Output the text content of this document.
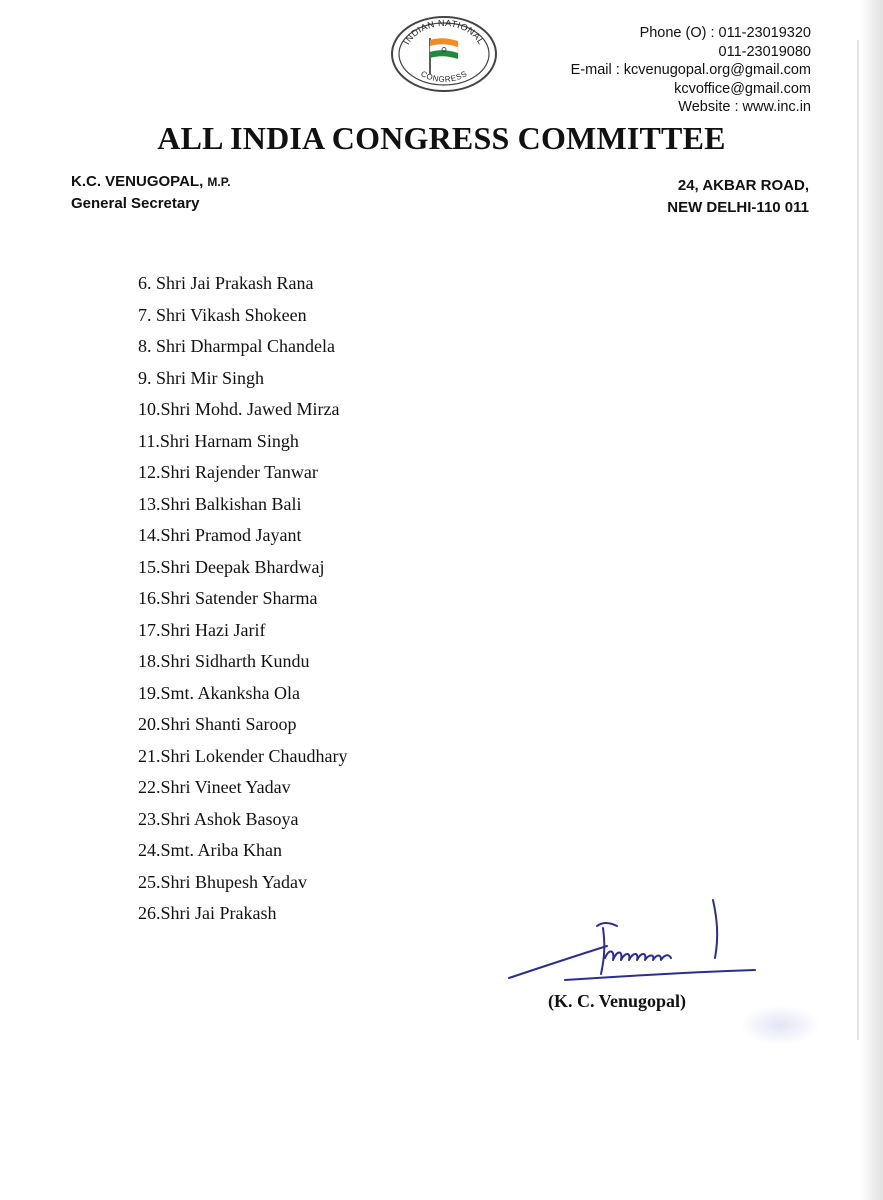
INDIAN NATIONAL
CONGRESS
Phone (O) : 011-23019320
011-23019080
E-mail : kcvenugopal.org@gmail.com
kcvoffice@gmail.com
Website : www.inc.in
ALL INDIA CONGRESS COMMITTEE
K.C. VENUGOPAL, M.P.
General Secretary
24, AKBAR ROAD,
NEW DELHI-110 011
6. Shri Jai Prakash Rana
7. Shri Vikash Shokeen
8. Shri Dharmpal Chandela
9. Shri Mir Singh
10.Shri Mohd. Jawed Mirza
11.Shri Harnam Singh
12.Shri Rajender Tanwar
13.Shri Balkishan Bali
14.Shri Pramod Jayant
15.Shri Deepak Bhardwaj
16.Shri Satender Sharma
17.Shri Hazi Jarif
18.Shri Sidharth Kundu
19.Smt. Akanksha Ola
20.Shri Shanti Saroop
21.Shri Lokender Chaudhary
22.Shri Vineet Yadav
23.Shri Ashok Basoya
24.Smt. Ariba Khan
25.Shri Bhupesh Yadav
26.Shri Jai Prakash
(K. C. Venugopal)
